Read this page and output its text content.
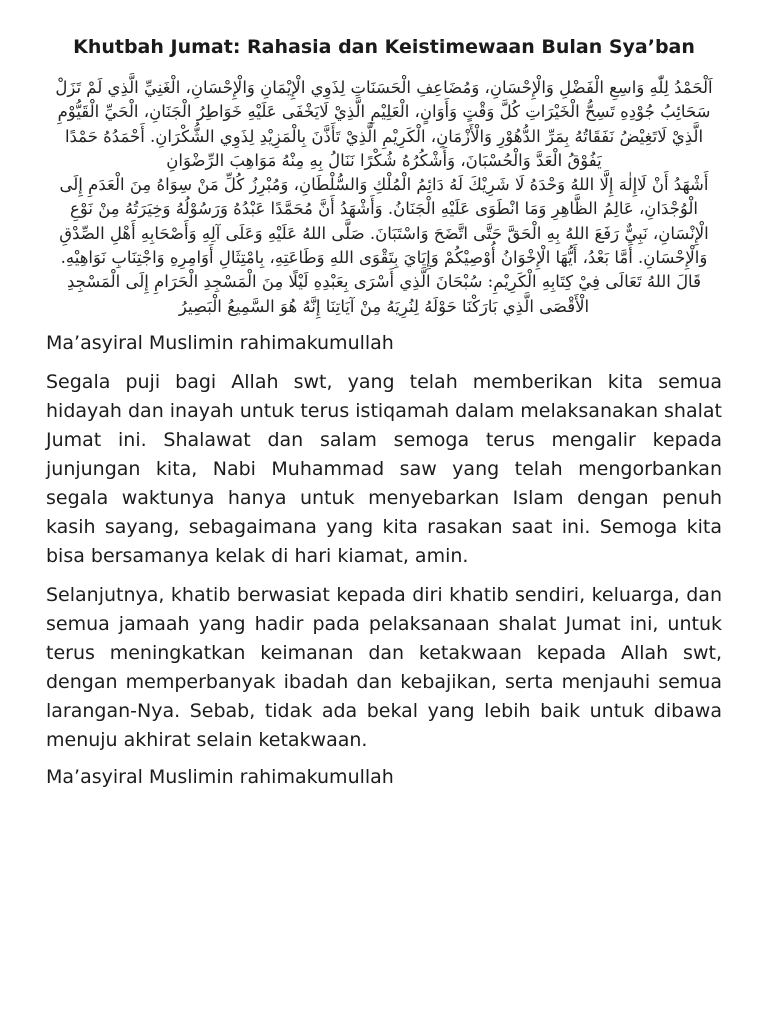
Khutbah Jumat: Rahasia dan Keistimewaan Bulan Sya’ban

اَلْحَمْدُ لِلّٰهِ وَاسِعِ الْفَضْلِ وَالْإِحْسَانِ، وَمُضَاعِفِ الْحَسَنَاتِ لِذَوِي الْإِيْمَانِ وَالْإِحْسَانِ، الْغَنِيِّ الَّذِي لَمْ تَزَلْ سَحَائِبُ جُوْدِهِ تَسِحُّ الْخَيْرَاتِ كُلَّ وَقْتٍ وَأَوَانٍ، الْعَلِيْمِ الَّذِيْ لَايَخْفَى عَلَيْهِ خَوَاطِرُ الْجَنَانِ، الْحَيِّ الْقَيُّوْمِ الَّذِيْ لَاتَغِيْضُ نَفَقَاتُهُ بِمَرِّ الدُّهُوْرِ وَالْأَزْمَانِ، الْكَرِيْمِ الَّذِيْ تَأَذَّنَ بِالْمَزِيْدِ لِذَوِي الشُّكْرَانِ. أَحْمَدُهُ حَمْدًا يَفُوْقُ الْعَدَّ وَالْحُسْبَانَ، وَأَشْكُرُهُ شُكْرًا نَنَالُ بِهِ مِنْهُ مَوَاهِبَ الرِّضْوَانِ

أَشْهَدُ أَنْ لَاإِلٰهَ إِلَّا اللهُ وَحْدَهُ لَا شَرِيْكَ لَهُ دَائِمُ الْمُلْكِ وَالسُّلْطَانِ، وَمُبْرِزُ كُلِّ مَنْ سِوَاهُ مِنَ الْعَدَمِ إِلَى الْوُجْدَانِ، عَالِمُ الظَّاهِرِ وَمَا انْطَوَى عَلَيْهِ الْجَنَانُ. وَأَشْهَدُ أَنَّ مُحَمَّدًا عَبْدُهُ وَرَسُوْلُهُ وَخِيَرَتُهُ مِنْ نَوْعِ الْإِنْسَانِ، نَبِيٌّ رَفَعَ اللهُ بِهِ الْحَقَّ حَتَّى اتَّضَحَ وَاسْتَبَانَ. صَلَّى اللهُ عَلَيْهِ وَعَلَى آلِهِ وَأَصْحَابِهِ أَهْلِ الصِّدْقِ وَالْإِحْسَانِ. أَمَّا بَعْدُ، أَيُّهَا الْإِخْوَانُ أُوْصِيْكُمْ وَإِيَايَ بِتَقْوَى اللهِ وَطَاعَتِهِ، بِامْتِثَالِ أَوَامِرِهِ وَاجْتِنَابِ نَوَاهِيْهِ. قَالَ اللهُ تَعَالَى فِيْ كِتَابِهِ الْكَرِيْمِ: سُبْحَانَ الَّذِي أَسْرَى بِعَبْدِهِ لَيْلًا مِنَ الْمَسْجِدِ الْحَرَامِ إِلَى الْمَسْجِدِ الْأَقْصَى الَّذِي بَارَكْنَا حَوْلَهُ لِنُرِيَهُ مِنْ آيَاتِنَا إِنَّهُ هُوَ السَّمِيعُ الْبَصِيرُ

Ma’asyiral Muslimin rahimakumullah

Segala puji bagi Allah swt, yang telah memberikan kita semua hidayah dan inayah untuk terus istiqamah dalam melaksanakan shalat Jumat ini. Shalawat dan salam semoga terus mengalir kepada junjungan kita, Nabi Muhammad saw yang telah mengorbankan segala waktunya hanya untuk menyebarkan Islam dengan penuh kasih sayang, sebagaimana yang kita rasakan saat ini. Semoga kita bisa bersamanya kelak di hari kiamat, amin.

Selanjutnya, khatib berwasiat kepada diri khatib sendiri, keluarga, dan semua jamaah yang hadir pada pelaksanaan shalat Jumat ini, untuk terus meningkatkan keimanan dan ketakwaan kepada Allah swt, dengan memperbanyak ibadah dan kebajikan, serta menjauhi semua larangan-Nya. Sebab, tidak ada bekal yang lebih baik untuk dibawa menuju akhirat selain ketakwaan.

Ma’asyiral Muslimin rahimakumullah
